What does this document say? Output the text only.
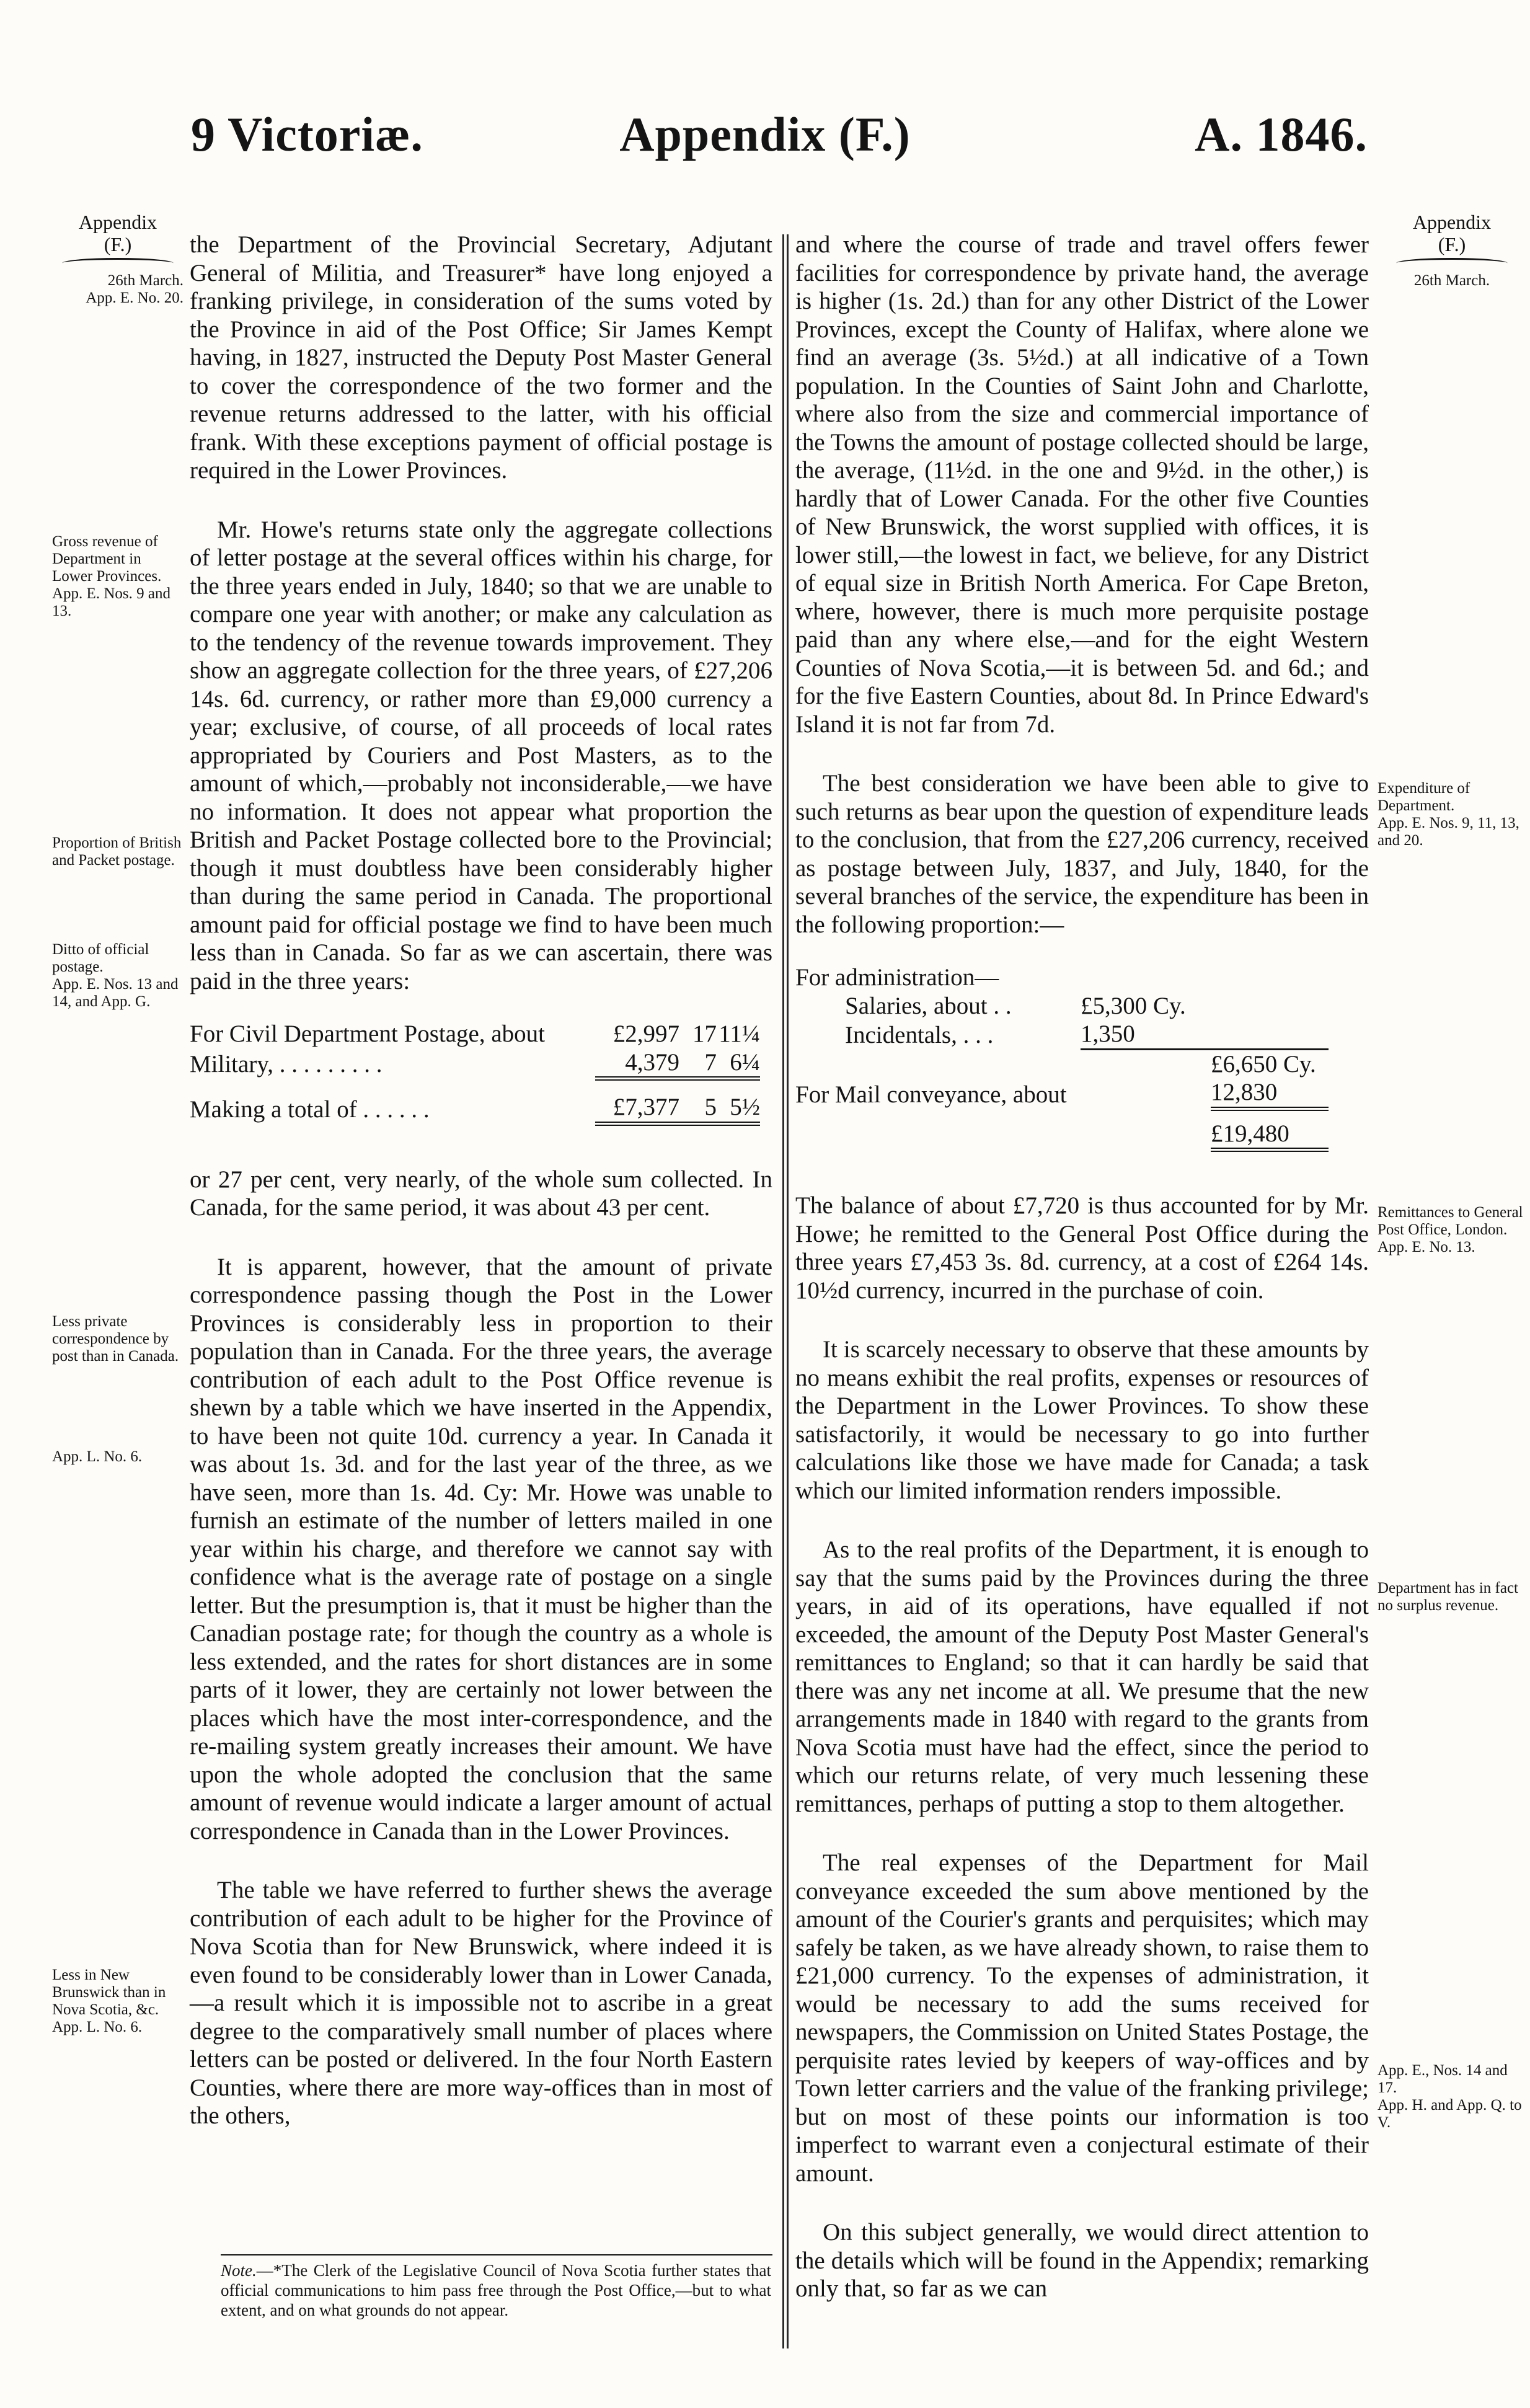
9 Victoriæ.	Appendix (F.)	A. 1846.
Appendix
(F.)
26th March.
App. E. No. 20.
Gross revenue of Department in Lower Provinces.
App. E. Nos. 9 and 13.
Proportion of British and Packet postage.
Ditto of official postage.
App. E. Nos. 13 and 14, and App. G.
Less private correspondence by post than in Canada.
App. L. No. 6.
Less in New Brunswick than in Nova Scotia, &c.
App. L. No. 6.
Appendix
(F.)
26th March.
Expenditure of Department.
App. E. Nos. 9, 11, 13, and 20.
Remittances to General Post Office, London.
App. E. No. 13.
Department has in fact no surplus revenue.
App. E., Nos. 14 and 17.
App. H. and App. Q. to V.

the Department of the Provincial Secretary, Adjutant General of Militia, and Treasurer* have long enjoyed a franking privilege, in consideration of the sums voted by the Province in aid of the Post Office; Sir James Kempt having, in 1827, instructed the Deputy Post Master General to cover the correspondence of the two former and the revenue returns addressed to the latter, with his official frank. With these exceptions payment of official postage is required in the Lower Provinces.

Mr. Howe's returns state only the aggregate collections of letter postage at the several offices within his charge, for the three years ended in July, 1840; so that we are unable to compare one year with another; or make any calculation as to the tendency of the revenue towards improvement. They show an aggregate collection for the three years, of £27,206 14s. 6d. currency, or rather more than £9,000 currency a year; exclusive, of course, of all proceeds of local rates appropriated by Couriers and Post Masters, as to the amount of which,—probably not inconsiderable,—we have no information. It does not appear what proportion the British and Packet Postage collected bore to the Provincial; though it must doubtless have been considerably higher than during the same period in Canada. The proportional amount paid for official postage we find to have been much less than in Canada. So far as we can ascertain, there was paid in the three years:

For Civil Department Postage, about	£2,997	17	11¼
Military, . . . . . . . . .	4,379	7	6¼

Making a total of . . . . . .	£7,377	5	5½

or 27 per cent, very nearly, of the whole sum collected. In Canada, for the same period, it was about 43 per cent.

It is apparent, however, that the amount of private correspondence passing though the Post in the Lower Provinces is considerably less in proportion to their population than in Canada. For the three years, the average contribution of each adult to the Post Office revenue is shewn by a table which we have inserted in the Appendix, to have been not quite 10d. currency a year. In Canada it was about 1s. 3d. and for the last year of the three, as we have seen, more than 1s. 4d. Cy: Mr. Howe was unable to furnish an estimate of the number of letters mailed in one year within his charge, and therefore we cannot say with confidence what is the average rate of postage on a single letter. But the presumption is, that it must be higher than the Canadian postage rate; for though the country as a whole is less extended, and the rates for short distances are in some parts of it lower, they are certainly not lower between the places which have the most inter-correspondence, and the re-mailing system greatly increases their amount. We have upon the whole adopted the conclusion that the same amount of revenue would indicate a larger amount of actual correspondence in Canada than in the Lower Provinces.

The table we have referred to further shews the average contribution of each adult to be higher for the Province of Nova Scotia than for New Brunswick, where indeed it is even found to be considerably lower than in Lower Canada,—a result which it is impossible not to ascribe in a great degree to the comparatively small number of places where letters can be posted or delivered. In the four North Eastern Counties, where there are more way-offices than in most of the others,

Note.—*The Clerk of the Legislative Council of Nova Scotia further states that official communications to him pass free through the Post Office,—but to what extent, and on what grounds do not appear.

and where the course of trade and travel offers fewer facilities for correspondence by private hand, the average is higher (1s. 2d.) than for any other District of the Lower Provinces, except the County of Halifax, where alone we find an average (3s. 5½d.) at all indicative of a Town population. In the Counties of Saint John and Charlotte, where also from the size and commercial importance of the Towns the amount of postage collected should be large, the average, (11½d. in the one and 9½d. in the other,) is hardly that of Lower Canada. For the other five Counties of New Brunswick, the worst supplied with offices, it is lower still,—the lowest in fact, we believe, for any District of equal size in British North America. For Cape Breton, where, however, there is much more perquisite postage paid than any where else,—and for the eight Western Counties of Nova Scotia,—it is between 5d. and 6d.; and for the five Eastern Counties, about 8d. In Prince Edward's Island it is not far from 7d.

The best consideration we have been able to give to such returns as bear upon the question of expenditure leads to the conclusion, that from the £27,206 currency, received as postage between July, 1837, and July, 1840, for the several branches of the service, the expenditure has been in the following proportion:—

For administration—
Salaries, about . .	£5,300 Cy.	
Incidentals, . . .	1,350	
		£6,650 Cy.
For Mail conveyance, about		12,830

		£19,480

The balance of about £7,720 is thus accounted for by Mr. Howe; he remitted to the General Post Office during the three years £7,453 3s. 8d. currency, at a cost of £264 14s. 10½d currency, incurred in the purchase of coin.

It is scarcely necessary to observe that these amounts by no means exhibit the real profits, expenses or resources of the Department in the Lower Provinces. To show these satisfactorily, it would be necessary to go into further calculations like those we have made for Canada; a task which our limited information renders impossible.

As to the real profits of the Department, it is enough to say that the sums paid by the Provinces during the three years, in aid of its operations, have equalled if not exceeded, the amount of the Deputy Post Master General's remittances to England; so that it can hardly be said that there was any net income at all. We presume that the new arrangements made in 1840 with regard to the grants from Nova Scotia must have had the effect, since the period to which our returns relate, of very much lessening these remittances, perhaps of putting a stop to them altogether.

The real expenses of the Department for Mail conveyance exceeded the sum above mentioned by the amount of the Courier's grants and perquisites; which may safely be taken, as we have already shown, to raise them to £21,000 currency. To the expenses of administration, it would be necessary to add the sums received for newspapers, the Commission on United States Postage, the perquisite rates levied by keepers of way-offices and by Town letter carriers and the value of the franking privilege; but on most of these points our information is too imperfect to warrant even a conjectural estimate of their amount.

On this subject generally, we would direct attention to the details which will be found in the Appendix; remarking only that, so far as we can
